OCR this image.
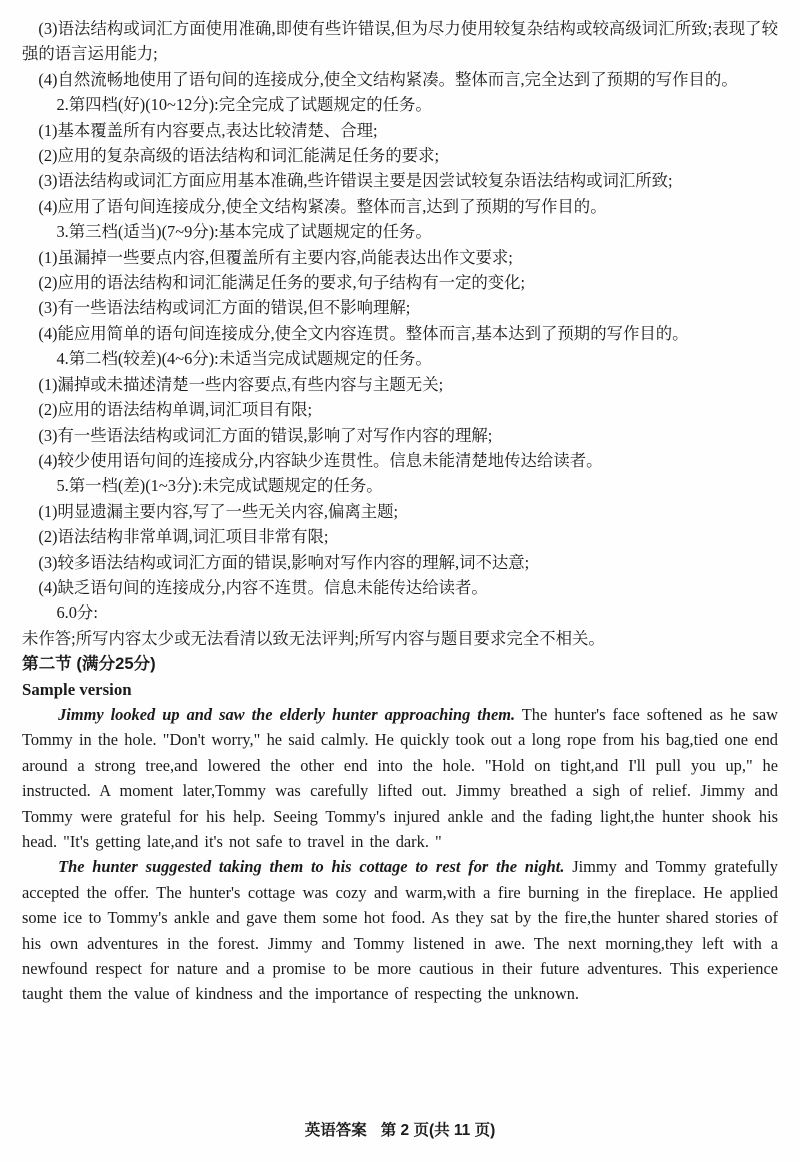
(3)语法结构或词汇方面使用准确,即使有些许错误,但为尽力使用较复杂结构或较高级词汇所致;表现了较强的语言运用能力;

(4)自然流畅地使用了语句间的连接成分,使全文结构紧凑。整体而言,完全达到了预期的写作目的。

2.第四档(好)(10~12分):完全完成了试题规定的任务。

(1)基本覆盖所有内容要点,表达比较清楚、合理;

(2)应用的复杂高级的语法结构和词汇能满足任务的要求;

(3)语法结构或词汇方面应用基本准确,些许错误主要是因尝试较复杂语法结构或词汇所致;

(4)应用了语句间连接成分,使全文结构紧凑。整体而言,达到了预期的写作目的。

3.第三档(适当)(7~9分):基本完成了试题规定的任务。

(1)虽漏掉一些要点内容,但覆盖所有主要内容,尚能表达出作文要求;

(2)应用的语法结构和词汇能满足任务的要求,句子结构有一定的变化;

(3)有一些语法结构或词汇方面的错误,但不影响理解;

(4)能应用简单的语句间连接成分,使全文内容连贯。整体而言,基本达到了预期的写作目的。

4.第二档(较差)(4~6分):未适当完成试题规定的任务。

(1)漏掉或未描述清楚一些内容要点,有些内容与主题无关;

(2)应用的语法结构单调,词汇项目有限;

(3)有一些语法结构或词汇方面的错误,影响了对写作内容的理解;

(4)较少使用语句间的连接成分,内容缺少连贯性。信息未能清楚地传达给读者。

5.第一档(差)(1~3分):未完成试题规定的任务。

(1)明显遗漏主要内容,写了一些无关内容,偏离主题;

(2)语法结构非常单调,词汇项目非常有限;

(3)较多语法结构或词汇方面的错误,影响对写作内容的理解,词不达意;

(4)缺乏语句间的连接成分,内容不连贯。信息未能传达给读者。

6.0分:

未作答;所写内容太少或无法看清以致无法评判;所写内容与题目要求完全不相关。

第二节 (满分25分)

Sample version

Jimmy looked up and saw the elderly hunter approaching them. The hunter's face softened as he saw Tommy in the hole. "Don't worry," he said calmly. He quickly took out a long rope from his bag,tied one end around a strong tree,and lowered the other end into the hole. "Hold on tight,and I'll pull you up," he instructed. A moment later,Tommy was carefully lifted out. Jimmy breathed a sigh of relief. Jimmy and Tommy were grateful for his help. Seeing Tommy's injured ankle and the fading light,the hunter shook his head. "It's getting late,and it's not safe to travel in the dark. "

The hunter suggested taking them to his cottage to rest for the night. Jimmy and Tommy gratefully accepted the offer. The hunter's cottage was cozy and warm,with a fire burning in the fireplace. He applied some ice to Tommy's ankle and gave them some hot food. As they sat by the fire,the hunter shared stories of his own adventures in the forest. Jimmy and Tommy listened in awe. The next morning,they left with a newfound respect for nature and a promise to be more cautious in their future adventures. This experience taught them the value of kindness and the importance of respecting the unknown.

英语答案 第 2 页(共 11 页)
